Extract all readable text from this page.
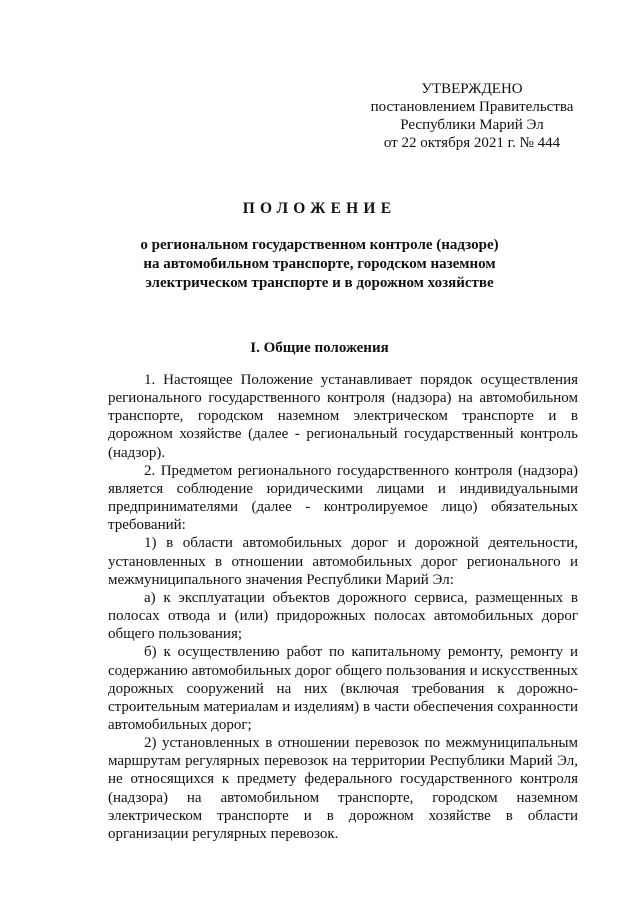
УТВЕРЖДЕНО
постановлением Правительства
Республики Марий Эл
от 22 октября 2021 г. № 444
ПОЛОЖЕНИЕ
о региональном государственном контроле (надзоре)
на автомобильном транспорте, городском наземном
электрическом транспорте и в дорожном хозяйстве
I. Общие положения

1. Настоящее Положение устанавливает порядок осуществления регионального государственного контроля (надзора) на автомобильном транспорте, городском наземном электрическом транспорте и в дорожном хозяйстве (далее - региональный государственный контроль (надзор).

2. Предметом регионального государственного контроля (надзора) является соблюдение юридическими лицами и индивидуальными предпринимателями (далее - контролируемое лицо) обязательных требований:

1) в области автомобильных дорог и дорожной деятельности, установленных в отношении автомобильных дорог регионального и межмуниципального значения Республики Марий Эл:

а) к эксплуатации объектов дорожного сервиса, размещенных в полосах отвода и (или) придорожных полосах автомобильных дорог общего пользования;

б) к осуществлению работ по капитальному ремонту, ремонту и содержанию автомобильных дорог общего пользования и искусственных дорожных сооружений на них (включая требования к дорожно-строительным материалам и изделиям) в части обеспечения сохранности автомобильных дорог;

2) установленных в отношении перевозок по межмуниципальным маршрутам регулярных перевозок на территории Республики Марий Эл, не относящихся к предмету федерального государственного контроля (надзора) на автомобильном транспорте, городском наземном электрическом транспорте и в дорожном хозяйстве в области организации регулярных перевозок.
